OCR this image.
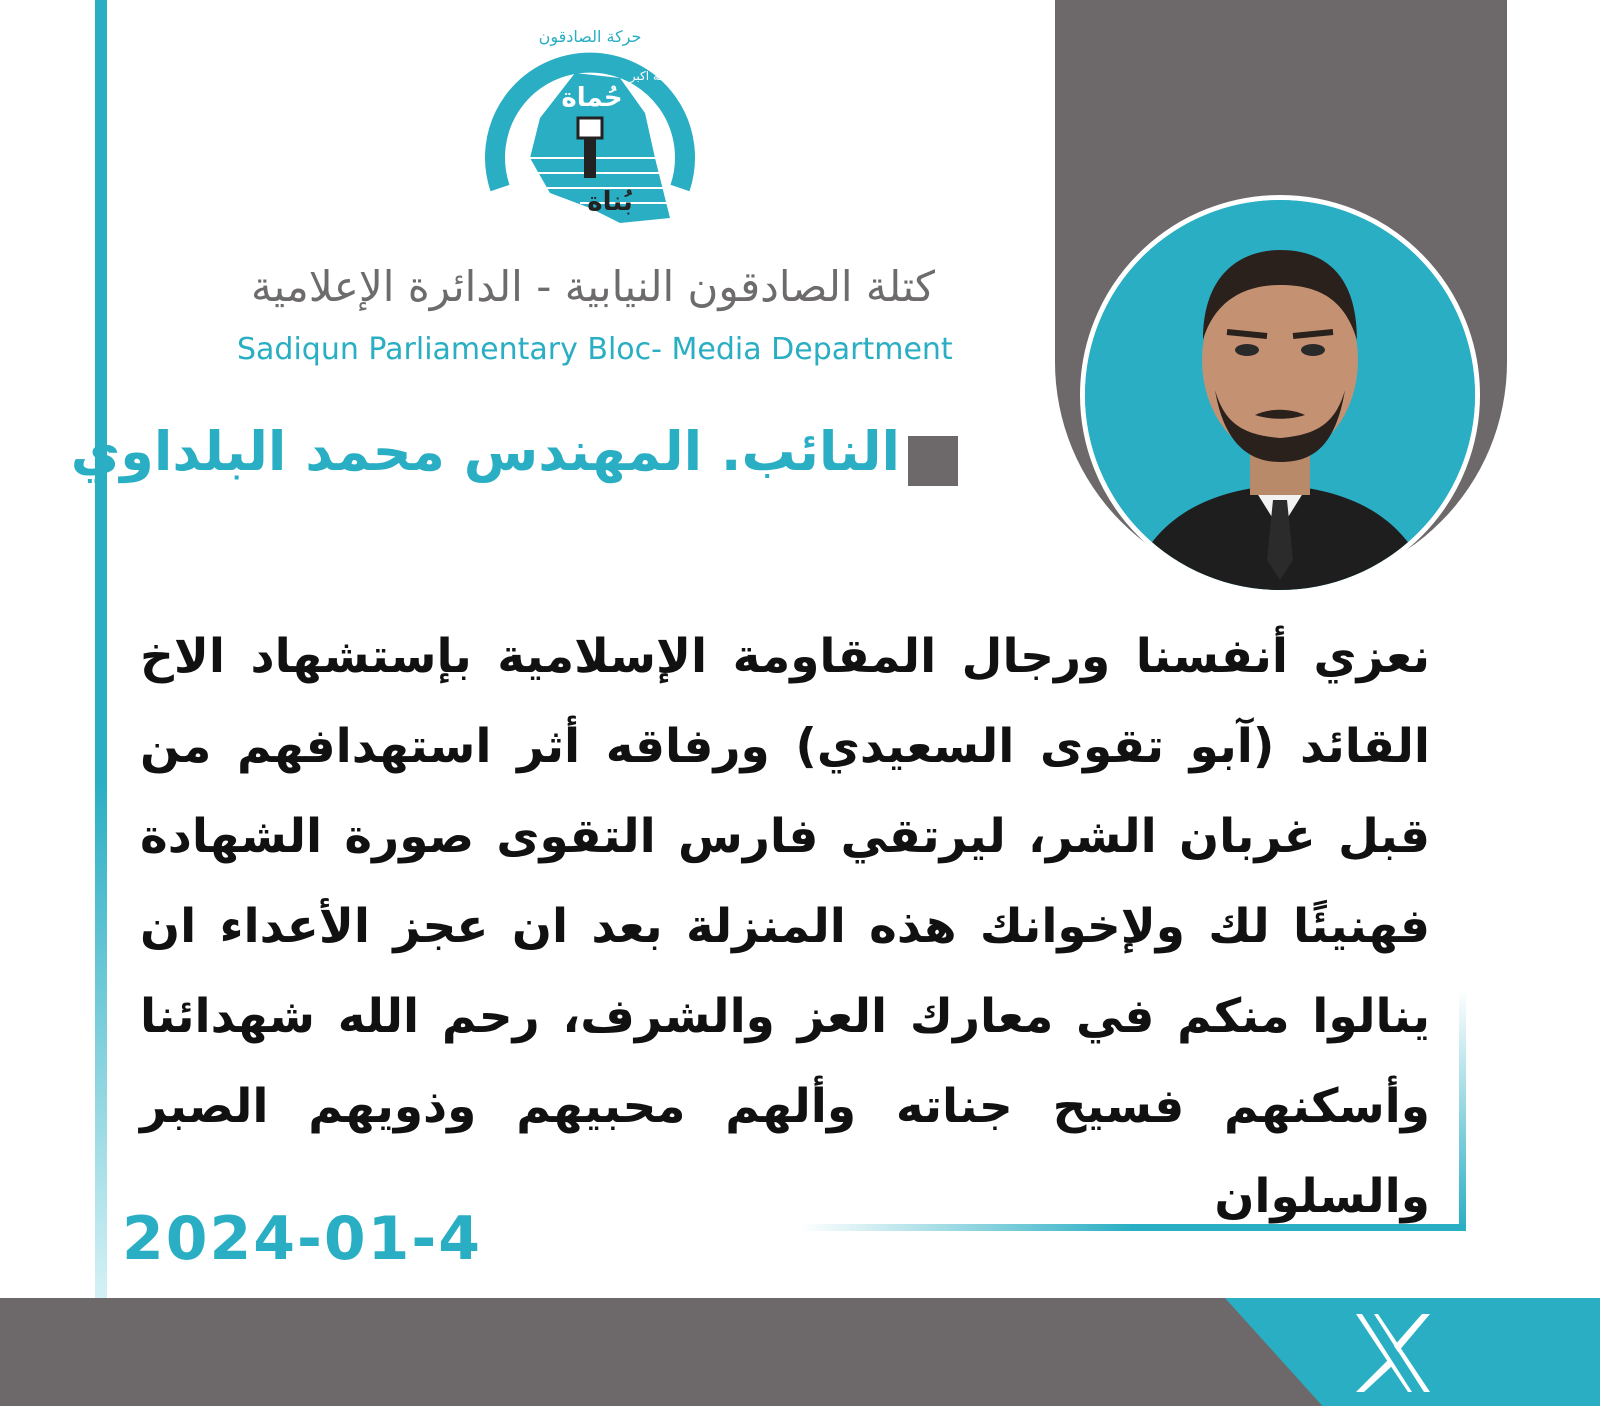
حُماة
بُناة
حركة الصادقون
الله اكبر
كتلة الصادقون النيابية - الدائرة الإعلامية
Sadiqun Parliamentary Bloc- Media Department
النائب. المهندس محمد البلداوي
نعزي أنفسنا ورجال المقاومة الإسلامية بإستشهاد الاخ القائد (آبو تقوى السعيدي) ورفاقه أثر استهدافهم من قبل غربان الشر، ليرتقي فارس التقوى صورة الشهادة فهنيئًا لك ولإخوانك هذه المنزلة بعد ان عجز الأعداء ان ينالوا منكم في معارك العز والشرف، رحم الله شهدائنا وأسكنهم فسيح جناته وألهم محبيهم وذويهم الصبر والسلوان
2024-01-4
